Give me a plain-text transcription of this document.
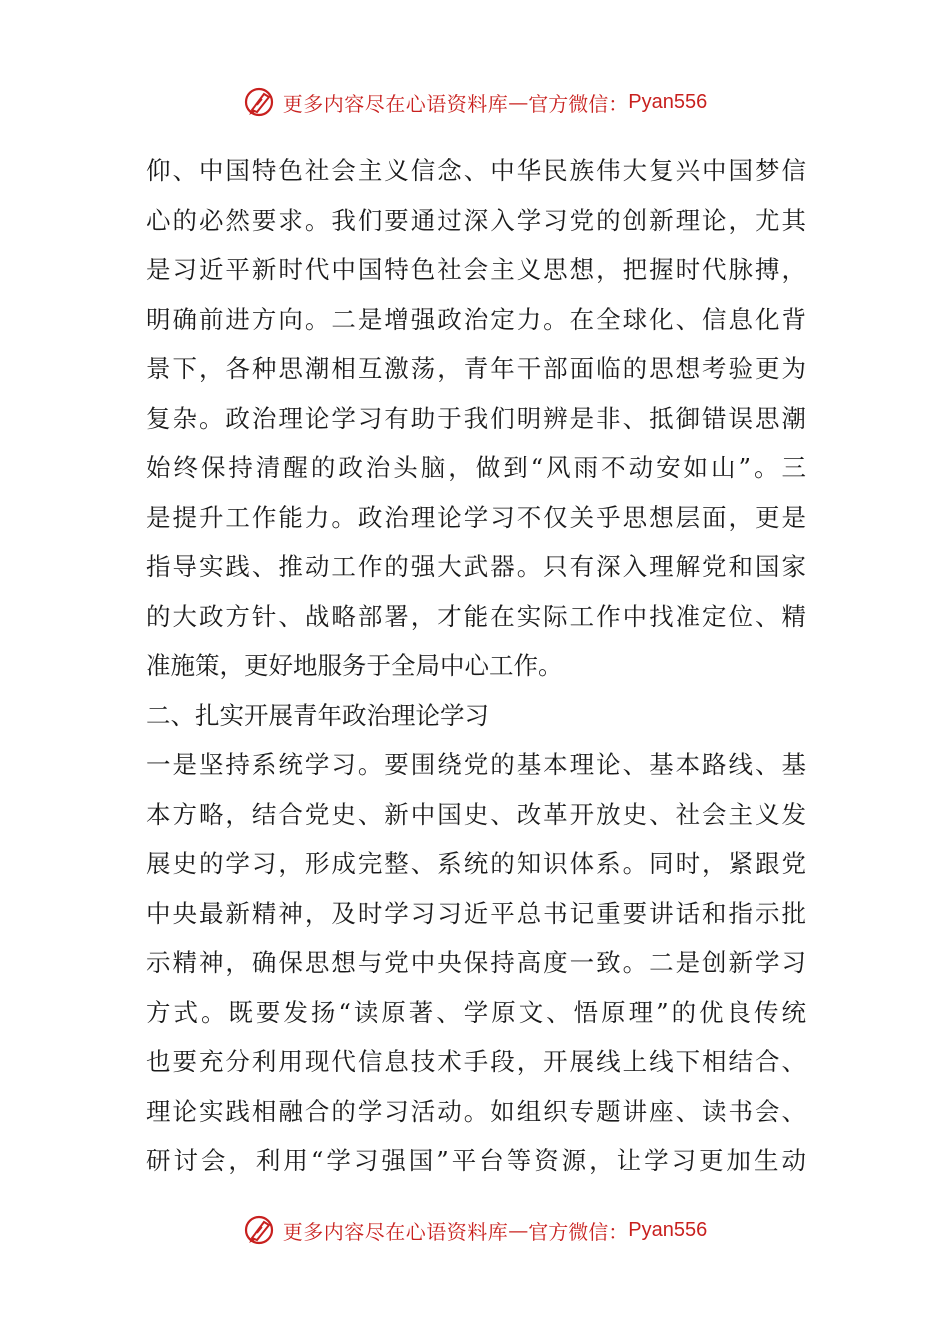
更多内容尽在心语资料库 — 官方微信： Pyan556
仰、中国特色社会主义信念、中华民族伟大复兴中国梦信
心的必然要求。我们要通过深入学习党的创新理论，尤其
是习近平新时代中国特色社会主义思想，把握时代脉搏，
明确前进方向。二是增强政治定力。在全球化、信息化背
景下，各种思潮相互激荡，青年干部面临的思想考验更为
复杂。政治理论学习有助于我们明辨是非、抵御错误思潮
始终保持清醒的政治头脑，做到“风雨不动安如山”。三
是提升工作能力。政治理论学习不仅关乎思想层面，更是
指导实践、推动工作的强大武器。只有深入理解党和国家
的大政方针、战略部署，才能在实际工作中找准定位、精
准施策，更好地服务于全局中心工作。
二、扎实开展青年政治理论学习
一是坚持系统学习。要围绕党的基本理论、基本路线、基
本方略，结合党史、新中国史、改革开放史、社会主义发
展史的学习，形成完整、系统的知识体系。同时，紧跟党
中央最新精神，及时学习习近平总书记重要讲话和指示批
示精神，确保思想与党中央保持高度一致。二是创新学习
方式。既要发扬“读原著、学原文、悟原理”的优良传统
也要充分利用现代信息技术手段，开展线上线下相结合、
理论实践相融合的学习活动。如组织专题讲座、读书会、
研讨会，利用“学习强国”平台等资源，让学习更加生动
更多内容尽在心语资料库 — 官方微信： Pyan556
